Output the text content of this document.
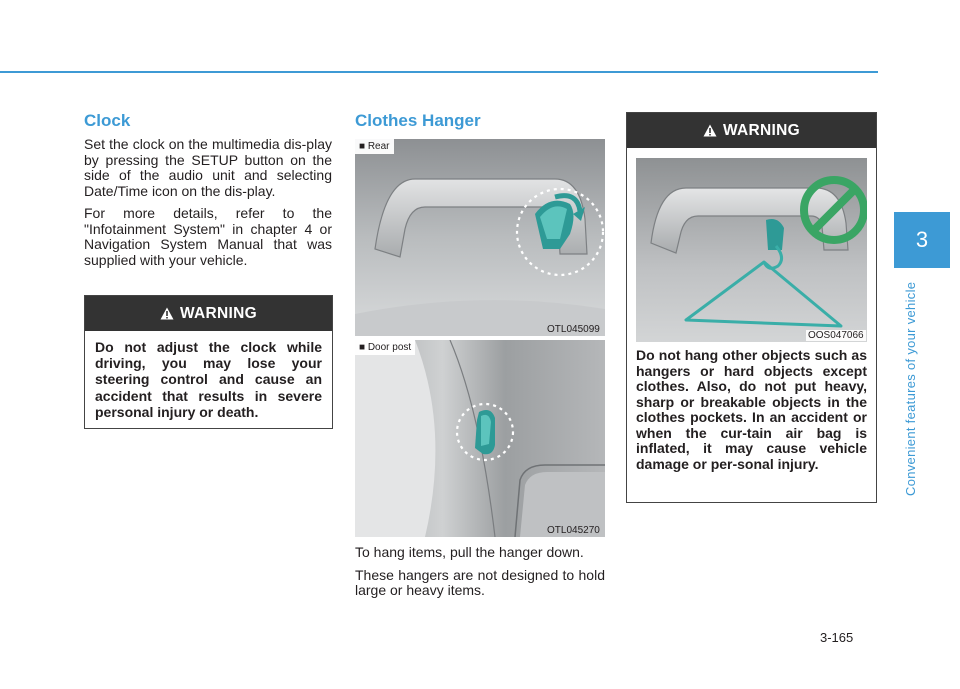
Clock

Set the clock on the multimedia dis-play by pressing the SETUP button on the side of the audio unit and selecting Date/Time icon on the dis-play.

For more details, refer to the "Infotainment System" in chapter 4 or Navigation System Manual that was supplied with your vehicle.

WARNING

Do not adjust the clock while driving, you may lose your steering control and cause an accident that results in severe personal injury or death.

Clothes Hanger
■ Rear
OTL045099
■ Door post
OTL045270

To hang items, pull the hanger down.

These hangers are not designed to hold large or heavy items.

WARNING
OOS047066

Do not hang other objects such as hangers or hard objects except clothes. Also, do not put heavy, sharp or breakable objects in the clothes pockets. In an accident or when the cur-tain air bag is inflated, it may cause vehicle damage or per-sonal injury.

3
Convenient features of your vehicle
3-165
